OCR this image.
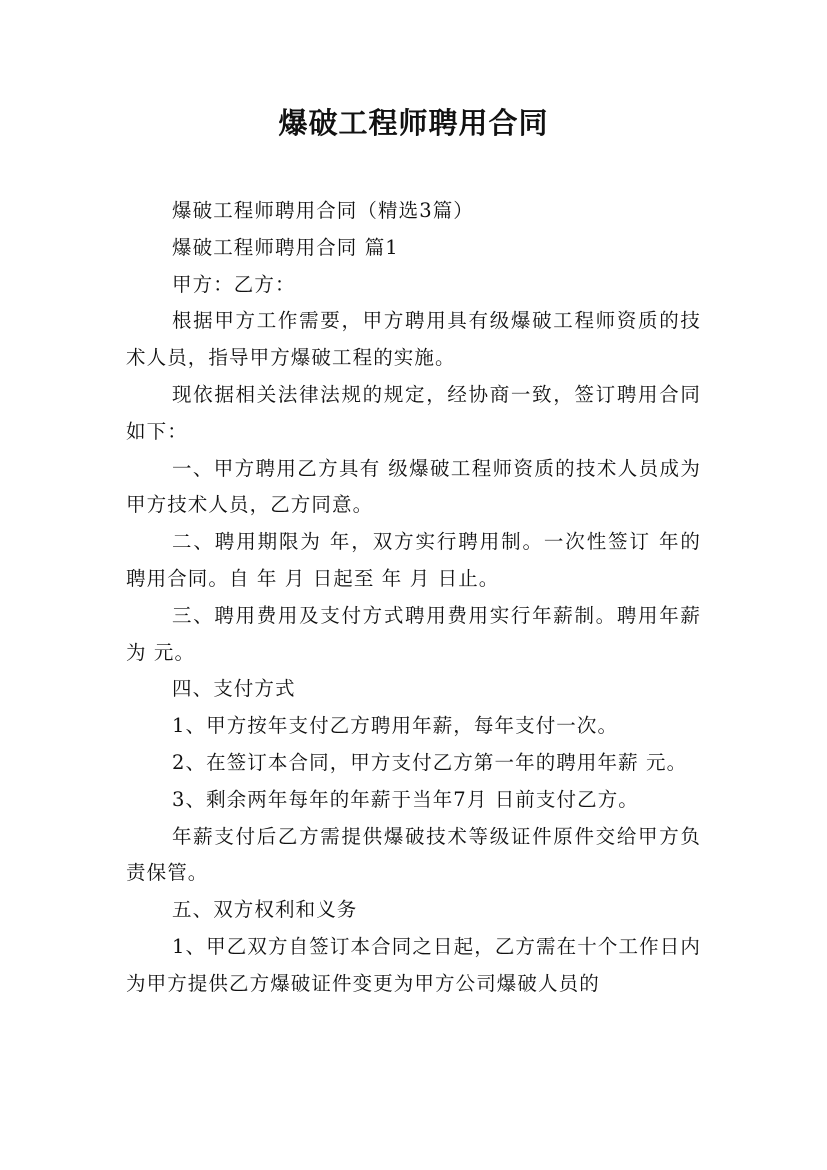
爆破工程师聘用合同

爆破工程师聘用合同（精选3篇）

爆破工程师聘用合同 篇1

甲方：乙方：

根据甲方工作需要，甲方聘用具有级爆破工程师资质的技术人员，指导甲方爆破工程的实施。

现依据相关法律法规的规定，经协商一致，签订聘用合同如下：

一、甲方聘用乙方具有 级爆破工程师资质的技术人员成为甲方技术人员，乙方同意。

二、聘用期限为 年，双方实行聘用制。一次性签订 年的聘用合同。自 年 月 日起至 年 月 日止。

三、聘用费用及支付方式聘用费用实行年薪制。聘用年薪为 元。

四、支付方式

1、甲方按年支付乙方聘用年薪，每年支付一次。

2、在签订本合同，甲方支付乙方第一年的聘用年薪 元。

3、剩余两年每年的年薪于当年7月 日前支付乙方。

年薪支付后乙方需提供爆破技术等级证件原件交给甲方负责保管。

五、双方权利和义务

1、甲乙双方自签订本合同之日起，乙方需在十个工作日内为甲方提供乙方爆破证件变更为甲方公司爆破人员的
